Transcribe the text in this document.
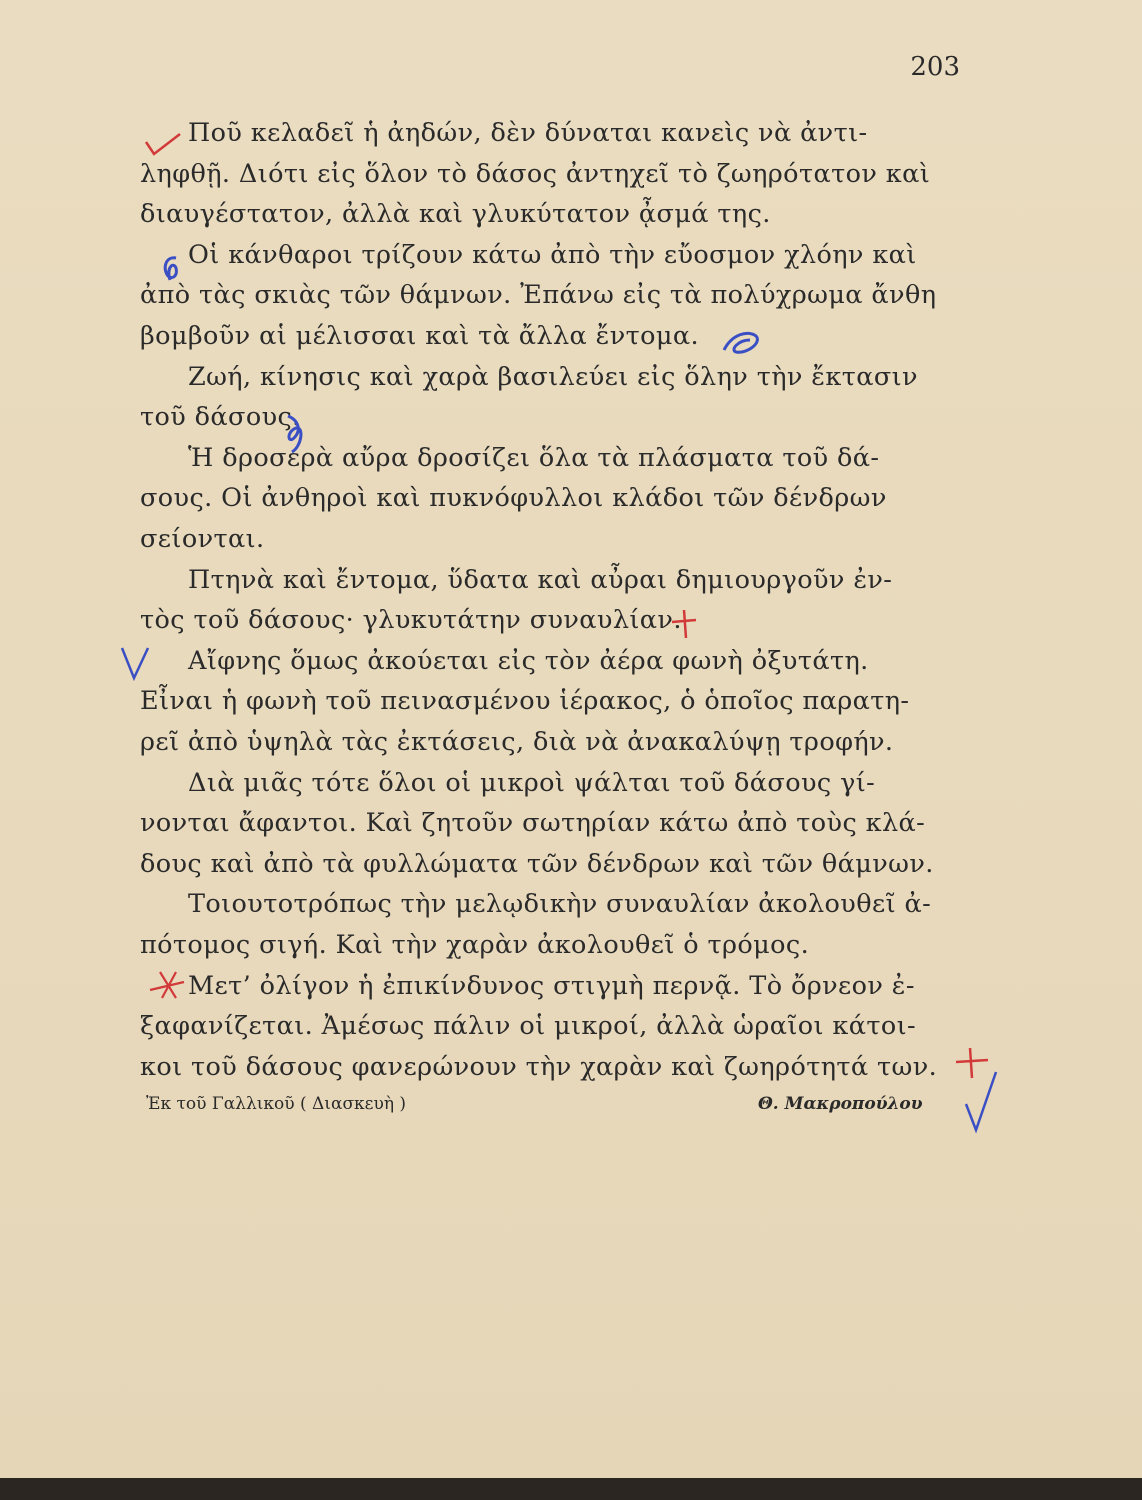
203
Ποῦ κελαδεῖ ἡ ἀηδών, δὲν δύναται κανεὶς νὰ ἀντι-
ληφθῇ. Διότι εἰς ὅλον τὸ δάσος ἀντηχεῖ τὸ ζωηρότατον καὶ
διαυγέστατον, ἀλλὰ καὶ γλυκύτατον ᾆσμά της.
Οἱ κάνθαροι τρίζουν κάτω ἀπὸ τὴν εὔοσμον χλόην καὶ
ἀπὸ τὰς σκιὰς τῶν θάμνων. Ἐπάνω εἰς τὰ πολύχρωμα ἄνθη
βομβοῦν αἱ μέλισσαι καὶ τὰ ἄλλα ἔντομα.
Ζωή, κίνησις καὶ χαρὰ βασιλεύει εἰς ὅλην τὴν ἔκτασιν
τοῦ δάσους.
Ἡ δροσερὰ αὔρα δροσίζει ὅλα τὰ πλάσματα τοῦ δά-
σους. Οἱ ἀνθηροὶ καὶ πυκνόφυλλοι κλάδοι τῶν δένδρων
σείονται.
Πτηνὰ καὶ ἔντομα, ὕδατα καὶ αὖραι δημιουργοῦν ἐν-
τὸς τοῦ δάσους· γλυκυτάτην συναυλίαν.
Αἴφνης ὅμως ἀκούεται εἰς τὸν ἀέρα φωνὴ ὀξυτάτη.
Εἶναι ἡ φωνὴ τοῦ πεινασμένου ἱέρακος, ὁ ὁποῖος παρατη-
ρεῖ ἀπὸ ὑψηλὰ τὰς ἐκτάσεις, διὰ νὰ ἀνακαλύψῃ τροφήν.
Διὰ μιᾶς τότε ὅλοι οἱ μικροὶ ψάλται τοῦ δάσους γί-
νονται ἄφαντοι. Καὶ ζητοῦν σωτηρίαν κάτω ἀπὸ τοὺς κλά-
δους καὶ ἀπὸ τὰ φυλλώματα τῶν δένδρων καὶ τῶν θάμνων.
Τοιουτοτρόπως τὴν μελῳδικὴν συναυλίαν ἀκολουθεῖ ἀ-
πότομος σιγή. Καὶ τὴν χαρὰν ἀκολουθεῖ ὁ τρόμος.
Μετ’ ὀλίγον ἡ ἐπικίνδυνος στιγμὴ περνᾷ. Τὸ ὄρνεον ἐ-
ξαφανίζεται. Ἀμέσως πάλιν οἱ μικροί, ἀλλὰ ὡραῖοι κάτοι-
κοι τοῦ δάσους φανερώνουν τὴν χαρὰν καὶ ζωηρότητά των.
Ἐκ τοῦ Γαλλικοῦ ( Διασκευὴ )	Θ. Μακροπούλου
